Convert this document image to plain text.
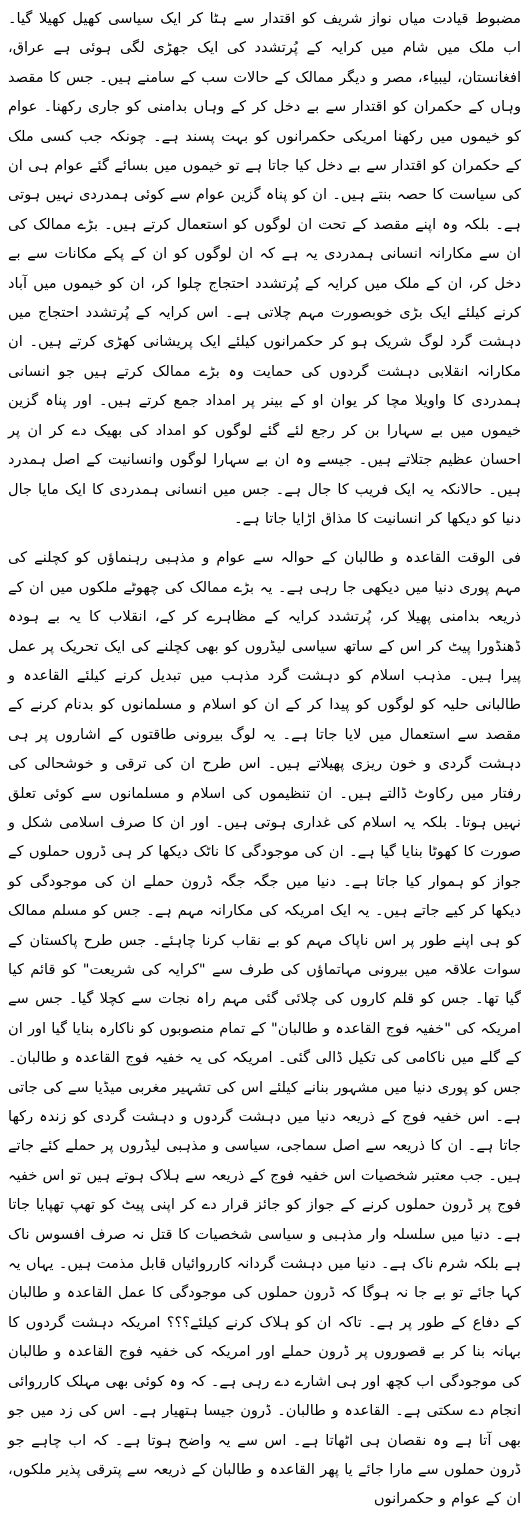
مضبوط قیادت میاں نواز شریف کو اقتدار سے ہٹا کر ایک سیاسی کھیل کھیلا گیا۔ اب ملک میں شام میں کرایہ کے پُرتشدد کی ایک جھڑی لگی ہوئی ہے عراق، افغانستان، لیبیاء، مصر و دیگر ممالک کے حالات سب کے سامنے ہیں۔ جس کا مقصد وہاں کے حکمران کو اقتدار سے بے دخل کر کے وہاں بدامنی کو جاری رکھنا۔ عوام کو خیموں میں رکھنا امریکی حکمرانوں کو بہت پسند ہے۔ چونکہ جب کسی ملک کے حکمران کو اقتدار سے بے دخل کیا جاتا ہے تو خیموں میں بسائے گئے عوام ہی ان کی سیاست کا حصہ بنتے ہیں۔ ان کو پناہ گزین عوام سے کوئی ہمدردی نہیں ہوتی ہے۔ بلکہ وہ اپنے مقصد کے تحت ان لوگوں کو استعمال کرتے ہیں۔ بڑے ممالک کی ان سے مکارانہ انسانی ہمدردی یہ ہے کہ ان لوگوں کو ان کے پکے مکانات سے بے دخل کر، ان کے ملک میں کرایہ کے پُرتشدد احتجاج چلوا کر، ان کو خیموں میں آباد کرنے کیلئے ایک بڑی خوبصورت مہم چلاتی ہے۔ اس کرایہ کے پُرتشدد احتجاج میں دہشت گرد لوگ شریک ہو کر حکمرانوں کیلئے ایک پریشانی کھڑی کرتے ہیں۔ ان مکارانہ انقلابی دہشت گردوں کی حمایت وہ بڑے ممالک کرتے ہیں جو انسانی ہمدردی کا واویلا مچا کر یوان او کے بینر پر امداد جمع کرتے ہیں۔ اور پناہ گزین خیموں میں بے سہارا بن کر رجع لئے گئے لوگوں کو امداد کی بھیک دے کر ان پر احسان عظیم جتلاتے ہیں۔ جیسے وہ ان بے سہارا لوگوں وانسانیت کے اصل ہمدرد ہیں۔ حالانکہ یہ ایک فریب کا جال ہے۔ جس میں انسانی ہمدردی کا ایک مایا جال دنیا کو دیکھا کر انسانیت کا مذاق اڑایا جاتا ہے۔

فی الوقت القاعدہ و طالبان کے حوالہ سے عوام و مذہبی رہنماؤں کو کچلنے کی مہم پوری دنیا میں دیکھی جا رہی ہے۔ یہ بڑے ممالک کی چھوٹے ملکوں میں ان کے ذریعہ بدامنی پھیلا کر، پُرتشدد کرایہ کے مظاہرے کر کے، انقلاب کا یہ بے ہودہ ڈھنڈورا پیٹ کر اس کے ساتھ سیاسی لیڈروں کو بھی کچلنے کی ایک تحریک پر عمل پیرا ہیں۔ مذہب اسلام کو دہشت گرد مذہب میں تبدیل کرنے کیلئے القاعدہ و طالبانی حلیہ کو لوگوں کو پیدا کر کے ان کو اسلام و مسلمانوں کو بدنام کرنے کے مقصد سے استعمال میں لایا جاتا ہے۔ یہ لوگ بیرونی طاقتوں کے اشاروں پر ہی دہشت گردی و خون ریزی پھیلاتے ہیں۔ اس طرح ان کی ترقی و خوشحالی کی رفتار میں رکاوٹ ڈالتے ہیں۔ ان تنظیموں کی اسلام و مسلمانوں سے کوئی تعلق نہیں ہوتا۔ بلکہ یہ اسلام کی غداری ہوتی ہیں۔ اور ان کا صرف اسلامی شکل و صورت کا کھوٹا بنایا گیا ہے۔ ان کی موجودگی کا ناٹک دیکھا کر ہی ڈروں حملوں کے جواز کو ہموار کیا جاتا ہے۔ دنیا میں جگہ جگہ ڈرون حملے ان کی موجودگی کو دیکھا کر کیے جاتے ہیں۔ یہ ایک امریکہ کی مکارانہ مہم ہے۔ جس کو مسلم ممالک کو ہی اپنے طور پر اس ناپاک مہم کو بے نقاب کرنا چاہئے۔ جس طرح پاکستان کے سوات علاقہ میں بیرونی مہاتماؤں کی طرف سے "کرایہ کی شریعت" کو قائم کیا گیا تھا۔ جس کو قلم کاروں کی چلائی گئی مہم راہ نجات سے کچلا گیا۔ جس سے امریکہ کی "خفیہ فوج القاعدہ و طالبان" کے تمام منصوبوں کو ناکارہ بنایا گیا اور ان کے گلے میں ناکامی کی تکیل ڈالی گئی۔ امریکہ کی یہ خفیہ فوج القاعدہ و طالبان۔ جس کو پوری دنیا میں مشہور بنانے کیلئے اس کی تشہیر مغربی میڈیا سے کی جاتی ہے۔ اس خفیہ فوج کے ذریعہ دنیا میں دہشت گردوں و دہشت گردی کو زندہ رکھا جاتا ہے۔ ان کا ذریعہ سے اصل سماجی، سیاسی و مذہبی لیڈروں پر حملے کئے جاتے ہیں۔ جب معتبر شخصیات اس خفیہ فوج کے ذریعہ سے ہلاک ہوتے ہیں تو اس خفیہ فوج پر ڈرون حملوں کرنے کے جواز کو جائز قرار دے کر اپنی پیٹ کو تھپ تھپایا جاتا ہے۔ دنیا میں سلسلہ وار مذہبی و سیاسی شخصیات کا قتل نہ صرف افسوس ناک ہے بلکہ شرم ناک ہے۔ دنیا میں دہشت گردانہ کارروائیاں قابل مذمت ہیں۔ یہاں یہ کہا جائے تو بے جا نہ ہوگا کہ ڈرون حملوں کی موجودگی کا عمل القاعدہ و طالبان کے دفاع کے طور پر ہے۔ تاکہ ان کو ہلاک کرنے کیلئے؟؟؟ امریکہ دہشت گردوں کا بہانہ بنا کر بے قصوروں پر ڈرون حملے اور امریکہ کی خفیہ فوج القاعدہ و طالبان کی موجودگی اب کچھ اور ہی اشارے دے رہی ہے۔ کہ وہ کوئی بھی مہلک کارروائی انجام دے سکتی ہے۔ القاعدہ و طالبان۔ ڈرون جیسا ہتھیار ہے۔ اس کی زد میں جو بھی آتا ہے وہ نقصان ہی اٹھاتا ہے۔ اس سے یہ واضح ہوتا ہے۔ کہ اب چاہے جو ڈرون حملوں سے مارا جائے یا پھر القاعدہ و طالبان کے ذریعہ سے پترقی پذیر ملکوں، ان کے عوام و حکمرانوں
